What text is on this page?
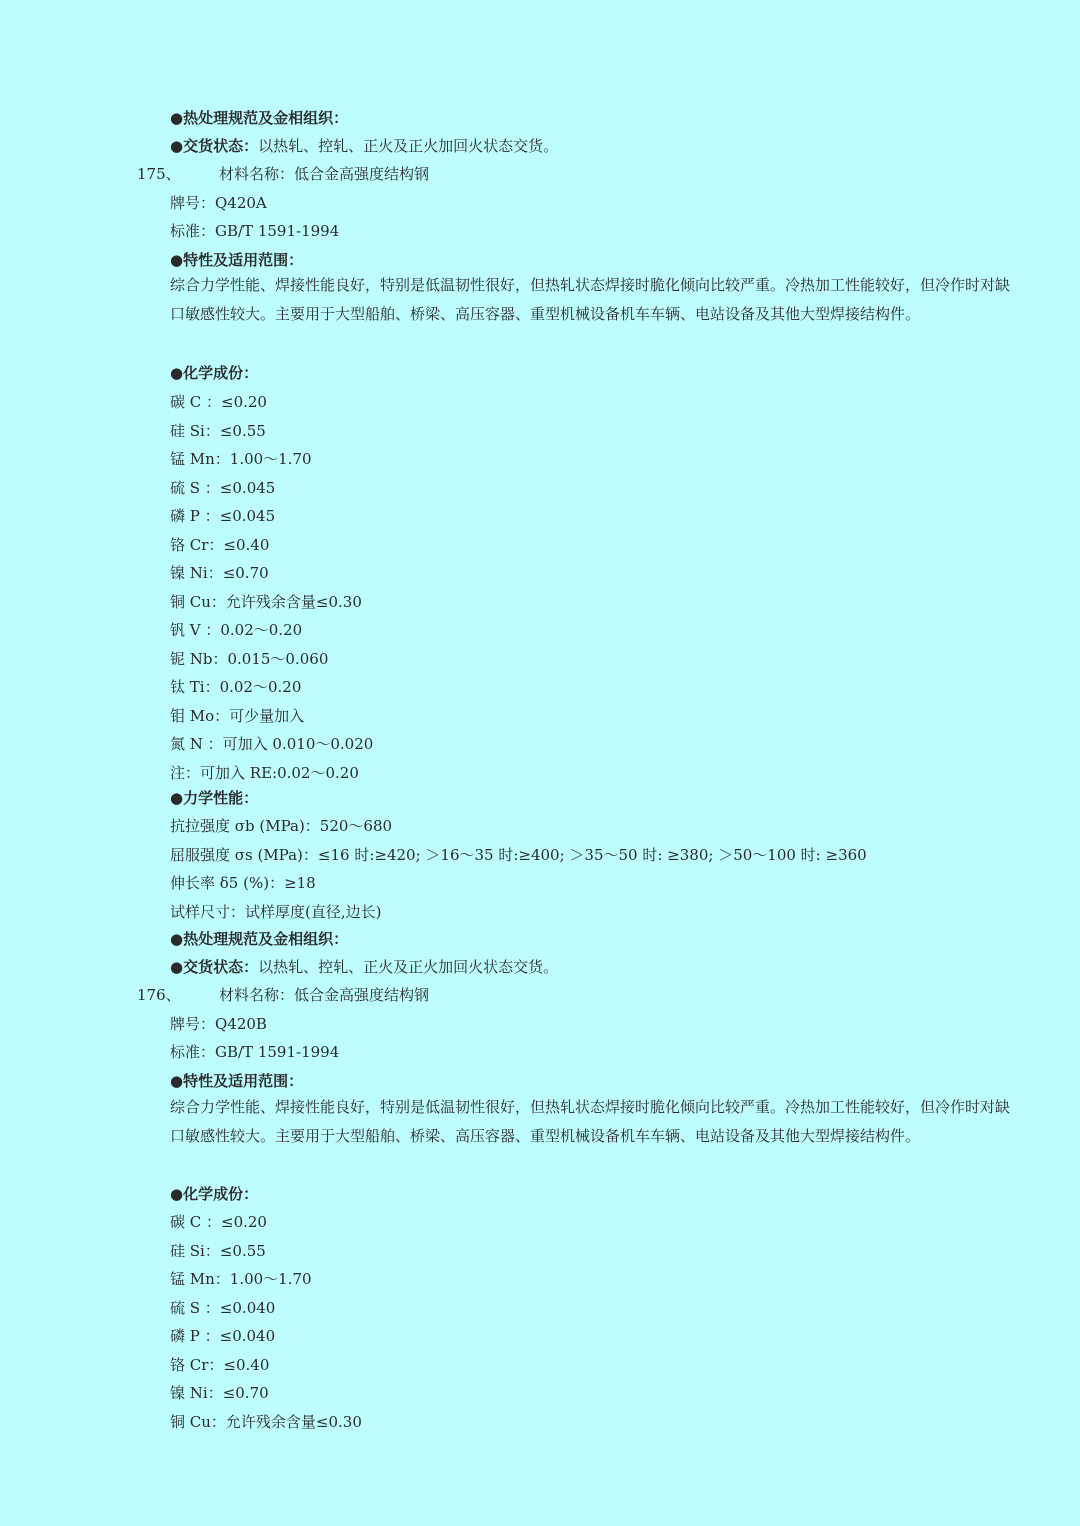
●热处理规范及金相组织：
●交货状态：以热轧、控轧、正火及正火加回火状态交货。
175、	材料名称：低合金高强度结构钢
牌号：Q420A
标准：GB/T 1591-1994
●特性及适用范围：
综合力学性能、焊接性能良好，特别是低温韧性很好，但热轧状态焊接时脆化倾向比较严重。冷热加工性能较好，但冷作时对缺口敏感性较大。主要用于大型船舶、桥梁、高压容器、重型机械设备机车车辆、电站设备及其他大型焊接结构件。
●化学成份：
碳 C ：≤0.20
硅 Si：≤0.55
锰 Mn：1.00～1.70
硫 S ：≤0.045
磷 P ：≤0.045
铬 Cr：≤0.40
镍 Ni：≤0.70
铜 Cu：允许残余含量≤0.30
钒 V ：0.02～0.20
铌 Nb：0.015～0.060
钛 Ti：0.02～0.20
钼 Mo：可少量加入
氮 N ：可加入 0.010～0.020
注：可加入 RE:0.02～0.20
●力学性能：
抗拉强度 σb (MPa)：520～680
屈服强度 σs (MPa)：≤16 时:≥420; ＞16～35 时:≥400; ＞35～50 时: ≥380; ＞50～100 时: ≥360
伸长率 δ5 (%)：≥18
试样尺寸：试样厚度(直径,边长)
●热处理规范及金相组织：
●交货状态：以热轧、控轧、正火及正火加回火状态交货。
176、	材料名称：低合金高强度结构钢
牌号：Q420B
标准：GB/T 1591-1994
●特性及适用范围：
综合力学性能、焊接性能良好，特别是低温韧性很好，但热轧状态焊接时脆化倾向比较严重。冷热加工性能较好，但冷作时对缺口敏感性较大。主要用于大型船舶、桥梁、高压容器、重型机械设备机车车辆、电站设备及其他大型焊接结构件。
●化学成份：
碳 C ：≤0.20
硅 Si：≤0.55
锰 Mn：1.00～1.70
硫 S ：≤0.040
磷 P ：≤0.040
铬 Cr：≤0.40
镍 Ni：≤0.70
铜 Cu：允许残余含量≤0.30
